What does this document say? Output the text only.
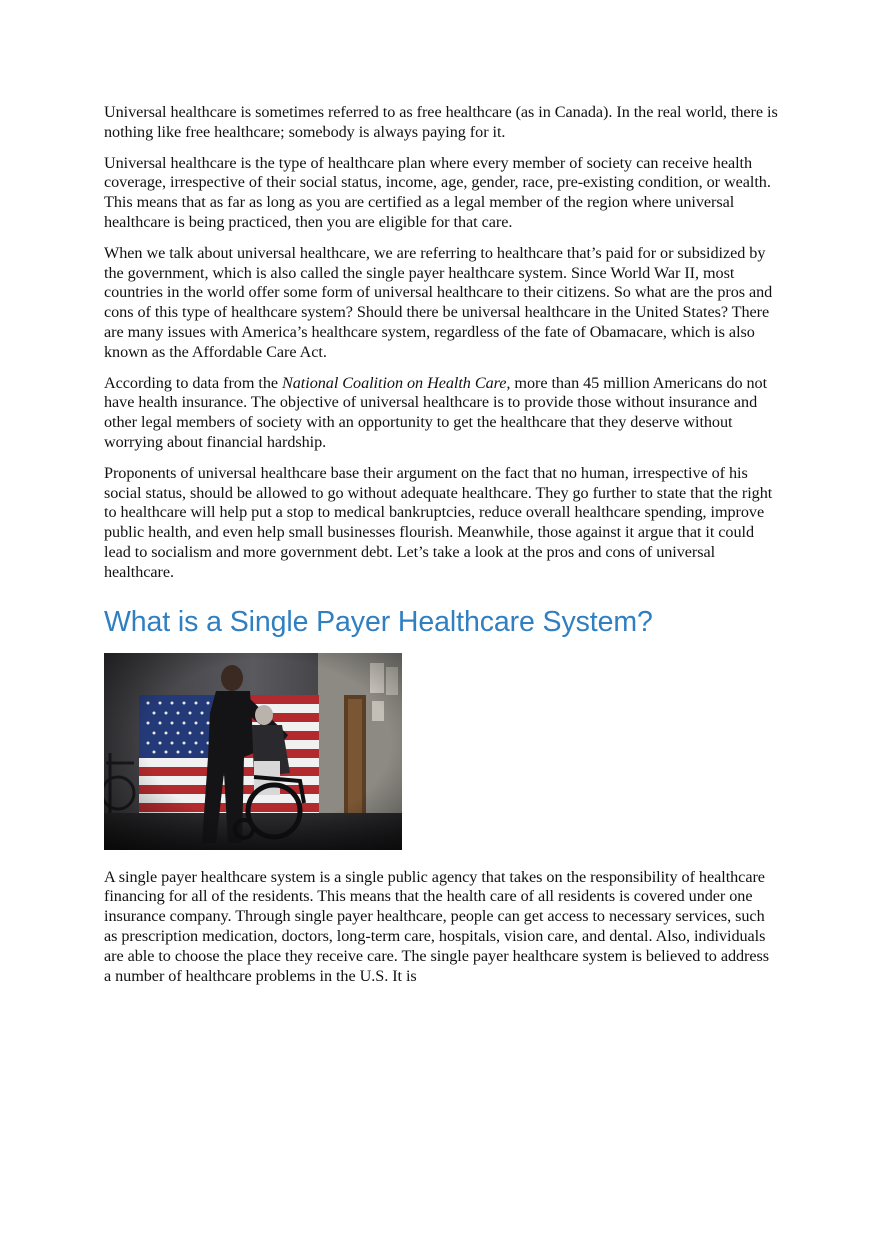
Universal healthcare is sometimes referred to as free healthcare (as in Canada). In the real world, there is nothing like free healthcare; somebody is always paying for it.

Universal healthcare is the type of healthcare plan where every member of society can receive health coverage, irrespective of their social status, income, age, gender, race, pre-existing condition, or wealth. This means that as far as long as you are certified as a legal member of the region where universal healthcare is being practiced, then you are eligible for that care.

When we talk about universal healthcare, we are referring to healthcare that’s paid for or subsidized by the government, which is also called the single payer healthcare system. Since World War II, most countries in the world offer some form of universal healthcare to their citizens. So what are the pros and cons of this type of healthcare system? Should there be universal healthcare in the United States? There are many issues with America’s healthcare system, regardless of the fate of Obamacare, which is also known as the Affordable Care Act.

According to data from the National Coalition on Health Care, more than 45 million Americans do not have health insurance. The objective of universal healthcare is to provide those without insurance and other legal members of society with an opportunity to get the healthcare that they deserve without worrying about financial hardship.

Proponents of universal healthcare base their argument on the fact that no human, irrespective of his social status, should be allowed to go without adequate healthcare. They go further to state that the right to healthcare will help put a stop to medical bankruptcies, reduce overall healthcare spending, improve public health, and even help small businesses flourish. Meanwhile, those against it argue that it could lead to socialism and more government debt. Let’s take a look at the pros and cons of universal healthcare.

What is a Single Payer Healthcare System?

A single payer healthcare system is a single public agency that takes on the responsibility of healthcare financing for all of the residents. This means that the health care of all residents is covered under one insurance company. Through single payer healthcare, people can get access to necessary services, such as prescription medication, doctors, long-term care, hospitals, vision care, and dental. Also, individuals are able to choose the place they receive care. The single payer healthcare system is believed to address a number of healthcare problems in the U.S. It is
